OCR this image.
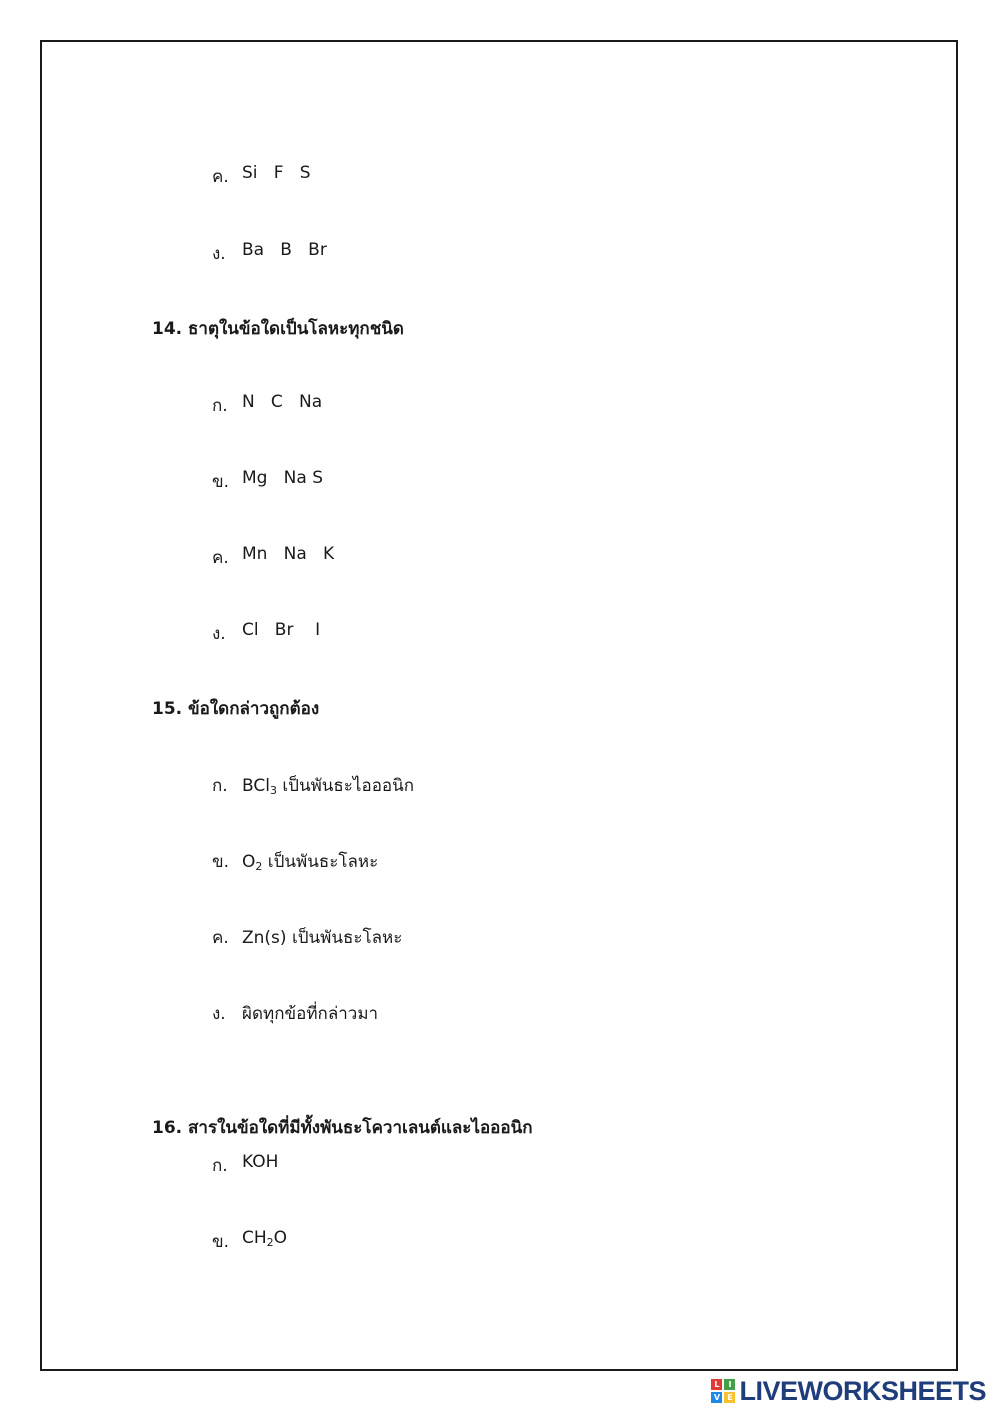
ค. Si   F   S
ง. Ba   B   Br
14. ธาตุในข้อใดเป็นโลหะทุกชนิด
ก. N   C   Na
ข. Mg   Na S
ค. Mn   Na   K
ง. Cl   Br    I
15. ข้อใดกล่าวถูกต้อง
ก. BCl$_3$ เป็นพันธะไอออนิก
ข. $O_2$ เป็นพันธะโลหะ
ค. Zn(s) เป็นพันธะโลหะ
ง. ผิดทุกข้อที่กล่าวมา
16. สารในข้อใดที่มีทั้งพันธะโควาเลนต์และไอออนิก
ก. KOH
ข. $CH_2O$
L	I
V E LIVEWORKSHEETS
